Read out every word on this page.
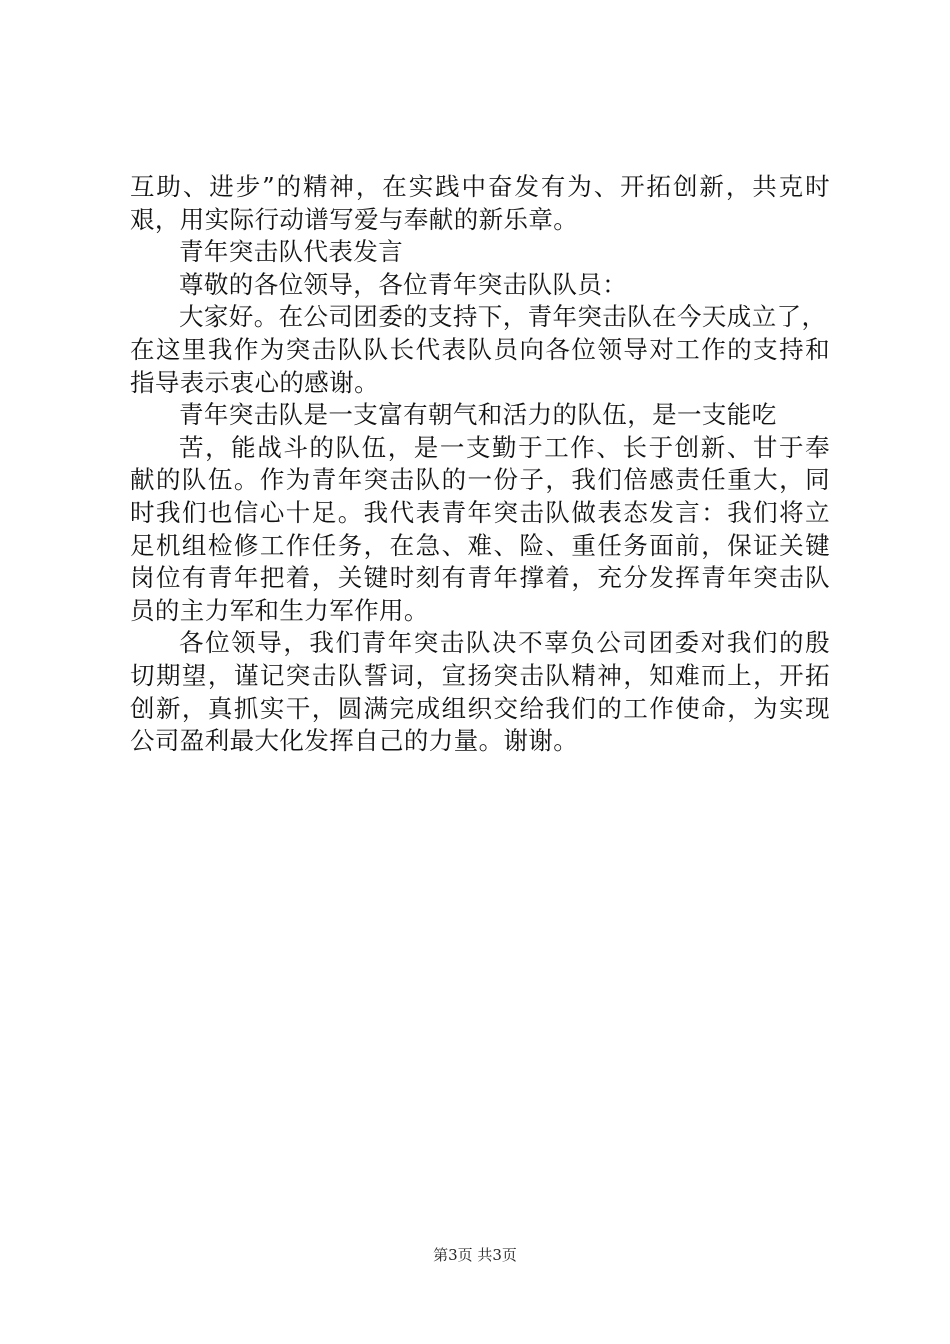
互助、进步”的精神，在实践中奋发有为、开拓创新，共克时
艰，用实际行动谱写爱与奉献的新乐章。
青年突击队代表发言
尊敬的各位领导，各位青年突击队队员：
大家好。在公司团委的支持下，青年突击队在今天成立了，
在这里我作为突击队队长代表队员向各位领导对工作的支持和
指导表示衷心的感谢。
青年突击队是一支富有朝气和活力的队伍，是一支能吃
苦，能战斗的队伍，是一支勤于工作、长于创新、甘于奉
献的队伍。作为青年突击队的一份子，我们倍感责任重大，同
时我们也信心十足。我代表青年突击队做表态发言：我们将立
足机组检修工作任务，在急、难、险、重任务面前，保证关键
岗位有青年把着，关键时刻有青年撑着，充分发挥青年突击队
员的主力军和生力军作用。
各位领导，我们青年突击队决不辜负公司团委对我们的殷
切期望，谨记突击队誓词，宣扬突击队精神，知难而上，开拓
创新，真抓实干，圆满完成组织交给我们的工作使命，为实现
公司盈利最大化发挥自己的力量。谢谢。
第3页 共3页
